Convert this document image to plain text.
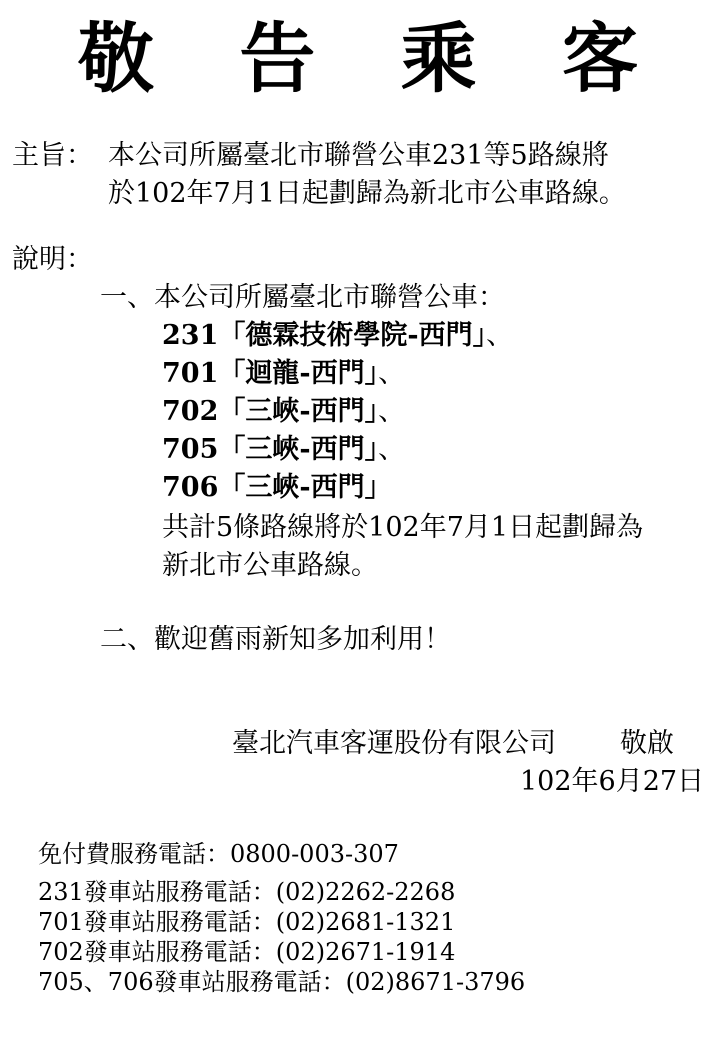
敬 告 乘 客
主旨： 本公司所屬臺北市聯營公車231等5路線將
於102年7月1日起劃歸為新北市公車路線。
說明：
一、本公司所屬臺北市聯營公車：
231「德霖技術學院-西門」、
701「迴龍-西門」、
702「三峽-西門」、
705「三峽-西門」、
706「三峽-西門」
共計5條路線將於102年7月1日起劃歸為
新北市公車路線。
二、歡迎舊雨新知多加利用！
臺北汽車客運股份有限公司 敬啟
102年6月27日
免付費服務電話：0800-003-307
231發車站服務電話：(02)2262-2268
701發車站服務電話：(02)2681-1321
702發車站服務電話：(02)2671-1914
705、706發車站服務電話：(02)8671-3796
